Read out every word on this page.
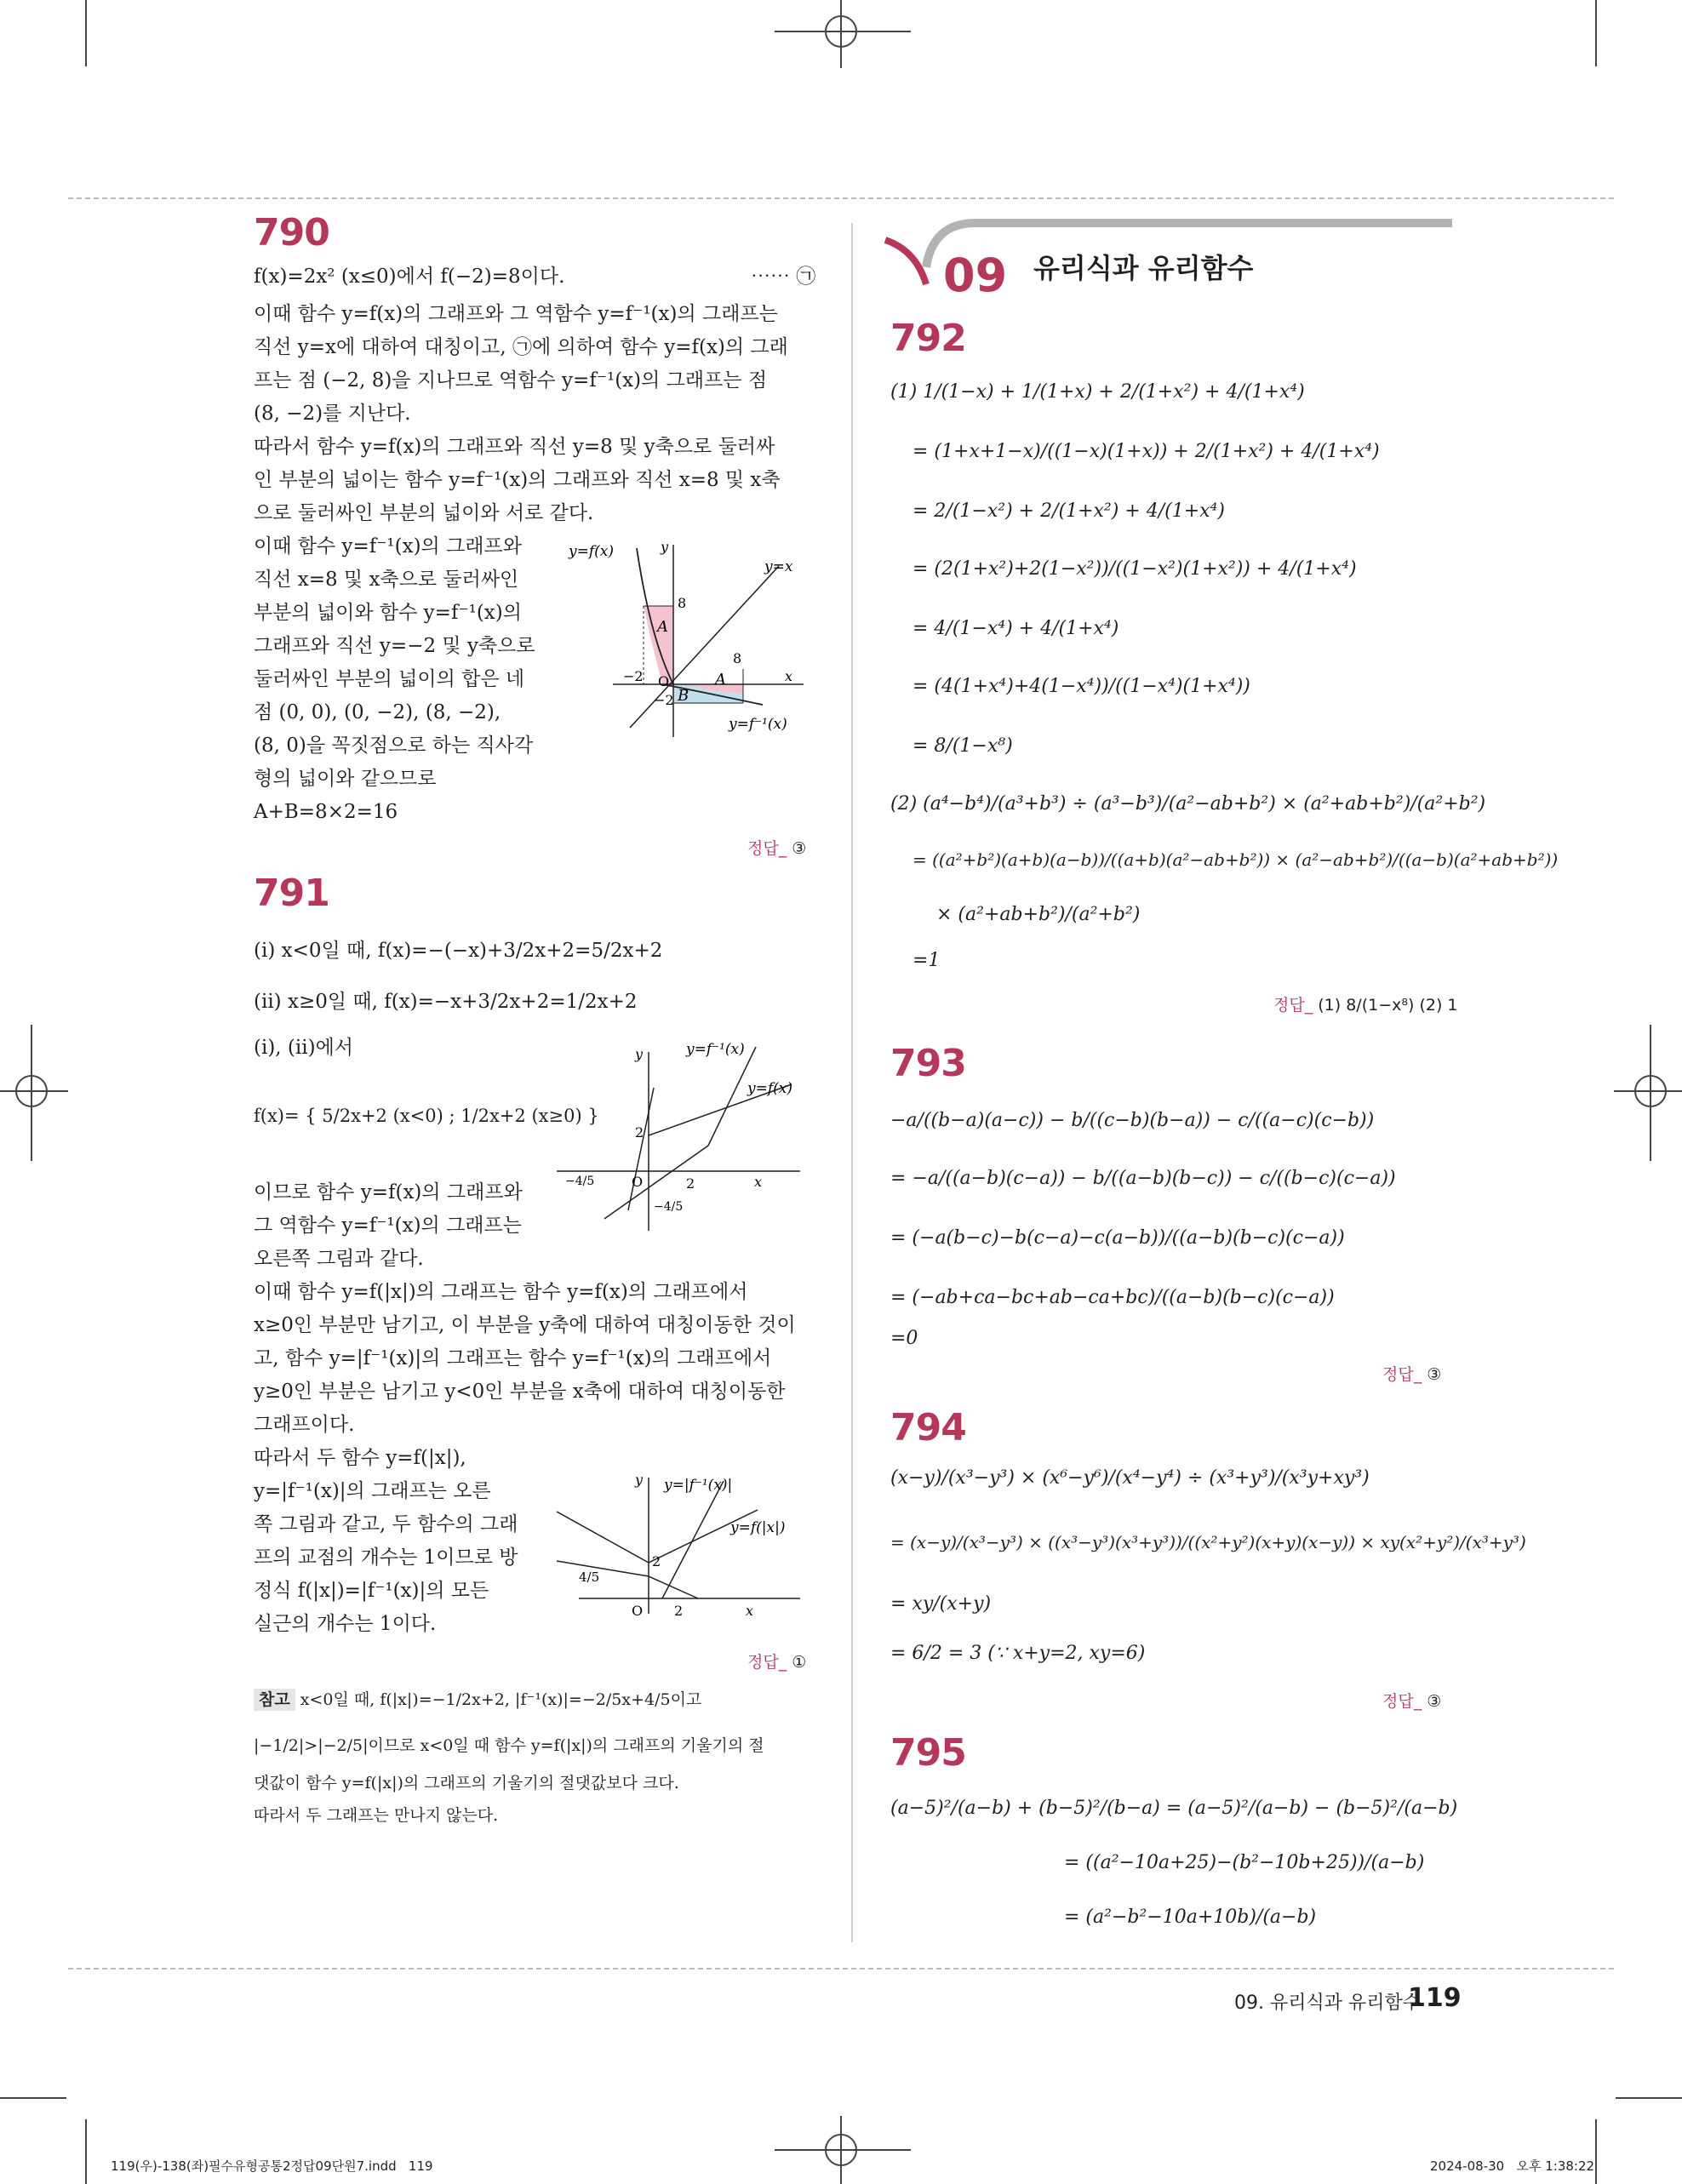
790
f(x)=2x² (x≤0)에서 f(−2)=8이다.	⋯⋯ ㉠
이때 함수 y=f(x)의 그래프와 그 역함수 y=f⁻¹(x)의 그래프는
직선 y=x에 대하여 대칭이고, ㉠에 의하여 함수 y=f(x)의 그래
프는 점 (−2, 8)을 지나므로 역함수 y=f⁻¹(x)의 그래프는 점
(8, −2)를 지난다.
따라서 함수 y=f(x)의 그래프와 직선 y=8 및 y축으로 둘러싸
인 부분의 넓이는 함수 y=f⁻¹(x)의 그래프와 직선 x=8 및 x축
으로 둘러싸인 부분의 넓이와 서로 같다.
이때 함수 y=f⁻¹(x)의 그래프와
직선 x=8 및 x축으로 둘러싸인
부분의 넓이와 함수 y=f⁻¹(x)의
그래프와 직선 y=−2 및 y축으로
둘러싸인 부분의 넓이의 합은 네
점 (0, 0), (0, −2), (8, −2),
(8, 0)을 꼭짓점으로 하는 직사각
형의 넓이와 같으므로
A+B=8×2=16
y=f(x)
y=x
y=f⁻¹(x)
8
8
−2
−2
O
A
A
B
x
y
정답_ ③
791
(i) x<0일 때, f(x)=−(−x)+3/2x+2=5/2x+2
(ii) x≥0일 때, f(x)=−x+3/2x+2=1/2x+2
(i), (ii)에서
f(x)= { 5/2x+2 (x<0) ; 1/2x+2 (x≥0) }
이므로 함수 y=f(x)의 그래프와
그 역함수 y=f⁻¹(x)의 그래프는
오른쪽 그림과 같다.
이때 함수 y=f(|x|)의 그래프는 함수 y=f(x)의 그래프에서
x≥0인 부분만 남기고, 이 부분을 y축에 대하여 대칭이동한 것이
고, 함수 y=|f⁻¹(x)|의 그래프는 함수 y=f⁻¹(x)의 그래프에서
y≥0인 부분은 남기고 y<0인 부분을 x축에 대하여 대칭이동한
그래프이다.
따라서 두 함수 y=f(|x|),
y=|f⁻¹(x)|의 그래프는 오른
쪽 그림과 같고, 두 함수의 그래
프의 교점의 개수는 1이므로 방
정식 f(|x|)=|f⁻¹(x)|의 모든
실근의 개수는 1이다.
y=f⁻¹(x)
y=f(x)
2
2
−4/5
−4/5
O	x
y
y=|f⁻¹(x)|
y=f(|x|)
4/5
2
2
O	x
y
정답_ ①
참고 x<0일 때, f(|x|)=−1/2x+2, |f⁻¹(x)|=−2/5x+4/5이고
|−1/2|>|−2/5|이므로 x<0일 때 함수 y=f(|x|)의 그래프의 기울기의 절
댓값이 함수 y=f(|x|)의 그래프의 기울기의 절댓값보다 크다.
따라서 두 그래프는 만나지 않는다.
09 유리식과 유리함수
792
(1) 1/(1−x) + 1/(1+x) + 2/(1+x²) + 4/(1+x⁴)
= (1+x+1−x)/((1−x)(1+x)) + 2/(1+x²) + 4/(1+x⁴)
= 2/(1−x²) + 2/(1+x²) + 4/(1+x⁴)
= (2(1+x²)+2(1−x²))/((1−x²)(1+x²)) + 4/(1+x⁴)
= 4/(1−x⁴) + 4/(1+x⁴)
= (4(1+x⁴)+4(1−x⁴))/((1−x⁴)(1+x⁴))
= 8/(1−x⁸)
(2) (a⁴−b⁴)/(a³+b³) ÷ (a³−b³)/(a²−ab+b²) × (a²+ab+b²)/(a²+b²)
= ((a²+b²)(a+b)(a−b))/((a+b)(a²−ab+b²)) × (a²−ab+b²)/((a−b)(a²+ab+b²))
× (a²+ab+b²)/(a²+b²)
=1
정답_ (1) 8/(1−x⁸) (2) 1
793
−a/((b−a)(a−c)) − b/((c−b)(b−a)) − c/((a−c)(c−b))
= −a/((a−b)(c−a)) − b/((a−b)(b−c)) − c/((b−c)(c−a))
= (−a(b−c)−b(c−a)−c(a−b))/((a−b)(b−c)(c−a))
= (−ab+ca−bc+ab−ca+bc)/((a−b)(b−c)(c−a))
=0
정답_ ③
794
(x−y)/(x³−y³) × (x⁶−y⁶)/(x⁴−y⁴) ÷ (x³+y³)/(x³y+xy³)
= (x−y)/(x³−y³) × ((x³−y³)(x³+y³))/((x²+y²)(x+y)(x−y)) × xy(x²+y²)/(x³+y³)
= xy/(x+y)
= 6/2 = 3 (∵ x+y=2, xy=6)
정답_ ③
795
(a−5)²/(a−b) + (b−5)²/(b−a) = (a−5)²/(a−b) − (b−5)²/(a−b)
= ((a²−10a+25)−(b²−10b+25))/(a−b)
= (a²−b²−10a+10b)/(a−b)
09. 유리식과 유리함수
119
119(우)-138(좌)필수유형공통2정답09단원7.indd   119	2024-08-30   오후 1:38:22
